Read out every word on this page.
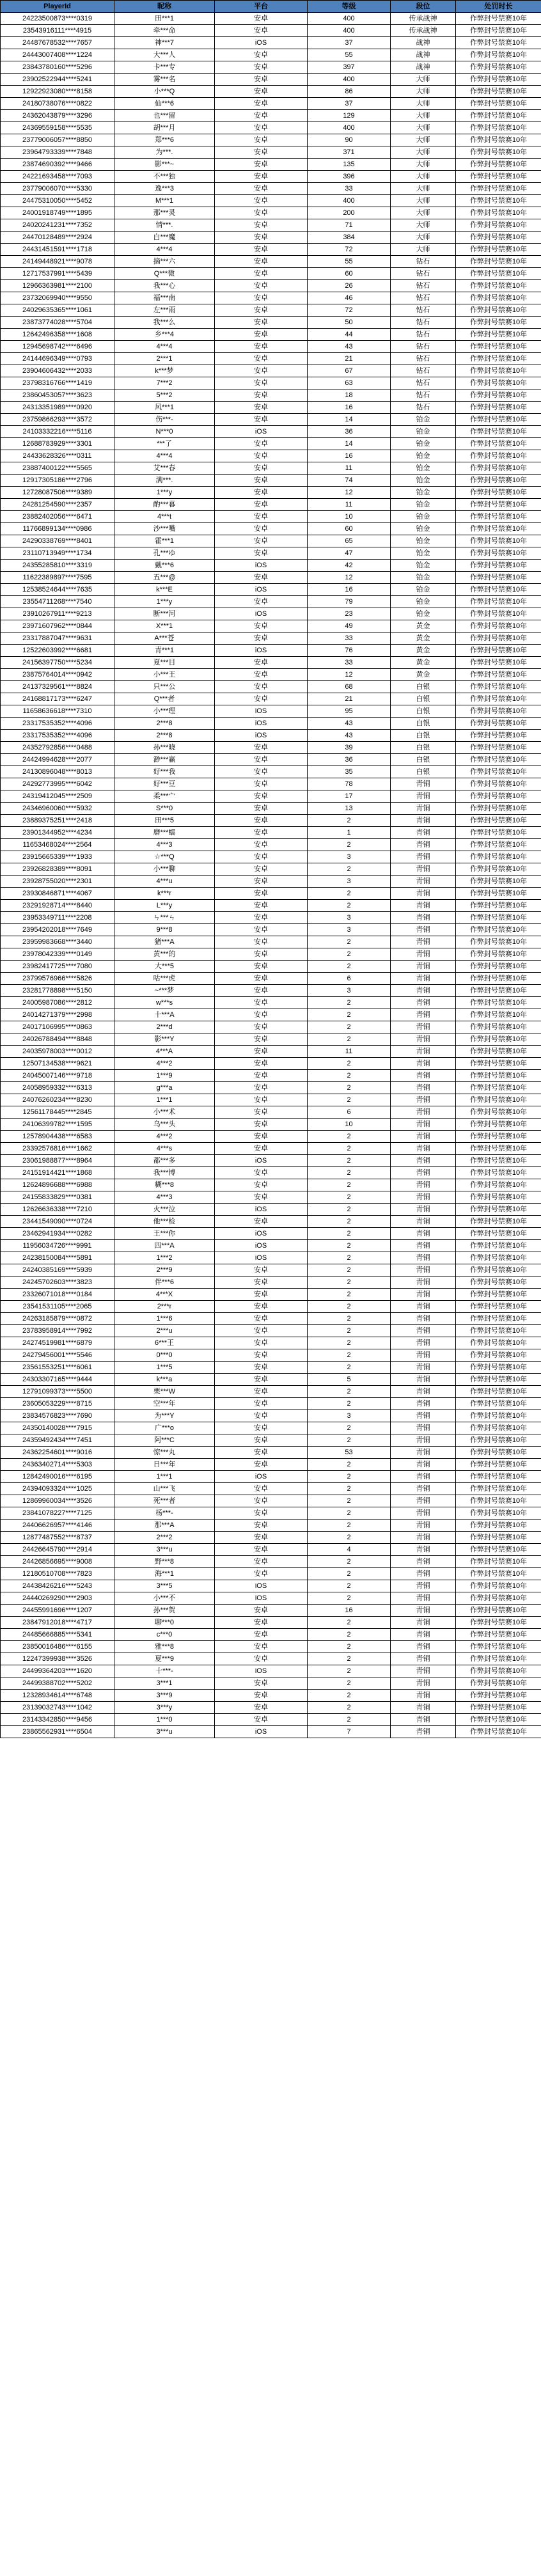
PlayerId	昵称	平台	等级	段位	处罚时长
24223500873****0319	田***1	安卓	400	传承战神	作弊封号禁赛10年
23543916111****4915	牵***命	安卓	400	传承战神	作弊封号禁赛10年
24487678532****7657	神***7	iOS	37	战神	作弊封号禁赛10年
24443007408****1224	大***人	安卓	55	战神	作弊封号禁赛10年
23843780160****5296	卡***专	安卓	397	战神	作弊封号禁赛10年
23902522944****5241	雾***名	安卓	400	大师	作弊封号禁赛10年
12922923080****8158	小***Q	安卓	86	大师	作弊封号禁赛10年
24180738076****0822	仙***6	安卓	37	大师	作弊封号禁赛10年
24362043879****3296	也***留	安卓	129	大师	作弊封号禁赛10年
24369559158****5535	胡***月	安卓	400	大师	作弊封号禁赛10年
23779006057****8850	郑***6	安卓	90	大师	作弊封号禁赛10年
23964793339****7848	为***.	安卓	371	大师	作弊封号禁赛10年
23874690392****9466	影***~	安卓	135	大师	作弊封号禁赛10年
24221693458****7093	不***独	安卓	396	大师	作弊封号禁赛10年
23779006070****5330	逸***3	安卓	33	大师	作弊封号禁赛10年
24475310050****5452	M***1	安卓	400	大师	作弊封号禁赛10年
24001918749****1895	那***灵	安卓	200	大师	作弊封号禁赛10年
24020241231****7352	情***.	安卓	71	大师	作弊封号禁赛10年
24470128489****2924	白***魔	安卓	384	大师	作弊封号禁赛10年
24431451591****1718	4***4	安卓	72	大师	作弊封号禁赛10年
24149448921****9078	摘***六	安卓	55	钻石	作弊封号禁赛10年
12717537991****5439	Q***微	安卓	60	钻石	作弊封号禁赛10年
12966363981****2100	我***心	安卓	26	钻石	作弊封号禁赛10年
23732069940****9550	福***南	安卓	46	钻石	作弊封号禁赛10年
24029635365****1061	左***雨	安卓	72	钻石	作弊封号禁赛10年
23873774028****5704	我***么	安卓	50	钻石	作弊封号禁赛10年
12642496358****1608	乡***4	安卓	44	钻石	作弊封号禁赛10年
12945698742****6496	4***4	安卓	43	钻石	作弊封号禁赛10年
24144696349****0793	2***1	安卓	21	钻石	作弊封号禁赛10年
23904606432****2033	k***梦	安卓	67	钻石	作弊封号禁赛10年
23798316766****1419	7***2	安卓	63	钻石	作弊封号禁赛10年
23860453057****3623	5***2	安卓	18	钻石	作弊封号禁赛10年
24313351989****0920	风***1	安卓	16	钻石	作弊封号禁赛10年
23759866293****3572	伤***-	安卓	14	铂金	作弊封号禁赛10年
24103332216****5116	N***0	iOS	36	铂金	作弊封号禁赛10年
12688783929****3301	***了	安卓	14	铂金	作弊封号禁赛10年
24433628326****0311	4***4	安卓	16	铂金	作弊封号禁赛10年
23887400122****5565	艾***春	安卓	11	铂金	作弊封号禁赛10年
12917305186****2796	满***.	安卓	74	铂金	作弊封号禁赛10年
12728087506****9389	1***y	安卓	12	铂金	作弊封号禁赛10年
24281254590****2357	酌***暮	安卓	11	铂金	作弊封号禁赛10年
23882402056****6471	4***t	安卓	10	铂金	作弊封号禁赛10年
11766899134****0986	沙***嘴	安卓	60	铂金	作弊封号禁赛10年
24290338769****8401	霍***1	安卓	65	铂金	作弊封号禁赛10年
23110713949****1734	孔***ゆ	安卓	47	铂金	作弊封号禁赛10年
24355285810****3319	戴***6	iOS	42	铂金	作弊封号禁赛10年
11622389897****7595	五***@	安卓	12	铂金	作弊封号禁赛10年
12538524644****7635	k***E	iOS	16	铂金	作弊封号禁赛10年
23554711268****7540	1***y	安卓	79	铂金	作弊封号禁赛10年
23910267911****9213	断***河	iOS	23	铂金	作弊封号禁赛10年
23971607962****0844	X***1	安卓	49	黄金	作弊封号禁赛10年
23317887047****9631	A***苍	安卓	33	黄金	作弊封号禁赛10年
12522603992****6681	青***1	iOS	76	黄金	作弊封号禁赛10年
24156397750****5234	夏***目	安卓	33	黄金	作弊封号禁赛10年
23875764014****0942	小***王	安卓	12	黄金	作弊封号禁赛10年
24137329561****8824	只***公	安卓	68	白银	作弊封号禁赛10年
24168817173****6247	Q***者	安卓	21	白银	作弊封号禁赛10年
11658636618****7310	小***理	iOS	95	白银	作弊封号禁赛10年
23317535352****4096	2***8	iOS	43	白银	作弊封号禁赛10年
23317535352****4096	2***8	iOS	43	白银	作弊封号禁赛10年
24352792856****0488	孙***晓	安卓	39	白银	作弊封号禁赛10年
24424994628****2077	渺***赢	安卓	36	白银	作弊封号禁赛10年
24130896048****8013	好***我	安卓	35	白银	作弊封号禁赛10年
24292773995****6042	好***豆	安卓	78	青铜	作弊封号禁赛10年
24319412045****2509	柔***宀	安卓	17	青铜	作弊封号禁赛10年
24346960060****5932	S***0	安卓	13	青铜	作弊封号禁赛10年
23889375251****2418	田***5	安卓	2	青铜	作弊封号禁赛10年
23901344952****4234	磨***蠕	安卓	1	青铜	作弊封号禁赛10年
11653468024****2564	4***3	安卓	2	青铜	作弊封号禁赛10年
23915665339****1933	☆***Q	安卓	3	青铜	作弊封号禁赛10年
23926828389****8091	小***聊	安卓	2	青铜	作弊封号禁赛10年
23928755020****2301	4***u	安卓	3	青铜	作弊封号禁赛10年
23930846871****4067	k***r	安卓	2	青铜	作弊封号禁赛10年
23291928714****8440	L***y	安卓	2	青铜	作弊封号禁赛10年
23953349711****2208	ㄣ***ㄣ	安卓	3	青铜	作弊封号禁赛10年
23954202018****7649	9***8	安卓	3	青铜	作弊封号禁赛10年
23959983668****3440	猪***A	安卓	2	青铜	作弊封号禁赛10年
23978042339****0149	黄***的	安卓	2	青铜	作弊封号禁赛10年
23982417725****7080	大***5	安卓	2	青铜	作弊封号禁赛10年
23799576966****5826	咕***虎	安卓	6	青铜	作弊封号禁赛10年
23281778898****5150	~***梦	安卓	3	青铜	作弊封号禁赛10年
24005987086****2812	w***s	安卓	2	青铜	作弊封号禁赛10年
24014271379****2998	十***A	安卓	2	青铜	作弊封号禁赛10年
24017106995****0863	2***d	安卓	2	青铜	作弊封号禁赛10年
24026788494****8848	影***Y	安卓	2	青铜	作弊封号禁赛10年
24035978003****0012	4***A	安卓	11	青铜	作弊封号禁赛10年
12507134538****9621	4***2	安卓	2	青铜	作弊封号禁赛10年
24045007146****9718	1***9	安卓	2	青铜	作弊封号禁赛10年
24058959332****6313	g***a	安卓	2	青铜	作弊封号禁赛10年
24076260234****8230	1***1	安卓	2	青铜	作弊封号禁赛10年
12561178445****2845	小***术	安卓	6	青铜	作弊封号禁赛10年
24106399782****1595	乌***头	安卓	10	青铜	作弊封号禁赛10年
12578904438****6583	4***2	安卓	2	青铜	作弊封号禁赛10年
23392576816****1662	4***s	安卓	2	青铜	作弊封号禁赛10年
23061988877****8964	都***多	iOS	2	青铜	作弊封号禁赛10年
24151914421****1868	我***博	安卓	2	青铜	作弊封号禁赛10年
12624896688****6988	糊***8	安卓	2	青铜	作弊封号禁赛10年
24155833829****0381	4***3	安卓	2	青铜	作弊封号禁赛10年
12626636338****7210	火***泣	iOS	2	青铜	作弊封号禁赛10年
23441549090****0724	他***检	安卓	2	青铜	作弊封号禁赛10年
23462941934****0282	王***你	iOS	2	青铜	作弊封号禁赛10年
11956034726****9991	四***A	iOS	2	青铜	作弊封号禁赛10年
24238150084****5891	1***2	iOS	2	青铜	作弊封号禁赛10年
24240385169****5939	2***9	安卓	2	青铜	作弊封号禁赛10年
24245702603****3823	伴***6	安卓	2	青铜	作弊封号禁赛10年
23326071018****0184	4***X	安卓	2	青铜	作弊封号禁赛10年
23541531105****2065	2***r	安卓	2	青铜	作弊封号禁赛10年
24263185879****0872	1***6	安卓	2	青铜	作弊封号禁赛10年
23783958914****7992	2***u	安卓	2	青铜	作弊封号禁赛10年
24274519981****6879	6***王	安卓	2	青铜	作弊封号禁赛10年
24279456001****5546	0***0	安卓	2	青铜	作弊封号禁赛10年
23561553251****6061	1***5	安卓	2	青铜	作弊封号禁赛10年
24303307165****9444	k***a	安卓	5	青铜	作弊封号禁赛10年
12791099373****5500	栗***W	安卓	2	青铜	作弊封号禁赛10年
23605053229****8715	空***年	安卓	2	青铜	作弊封号禁赛10年
23834576823****7690	为***Y	安卓	3	青铜	作弊封号禁赛10年
24350140028****7915	广***o	安卓	2	青铜	作弊封号禁赛10年
24359492434****7451	阿***C	安卓	2	青铜	作弊封号禁赛10年
24362254601****9016	惊***丸	安卓	53	青铜	作弊封号禁赛10年
24363402714****5303	日***年	安卓	2	青铜	作弊封号禁赛10年
12842490016****6195	1***1	iOS	2	青铜	作弊封号禁赛10年
24394093324****1025	山***飞	安卓	2	青铜	作弊封号禁赛10年
12869960034****3526	死***者	安卓	2	青铜	作弊封号禁赛10年
23841078227****7125	杨***-	安卓	2	青铜	作弊封号禁赛10年
24406626957****4146	那***A	安卓	2	青铜	作弊封号禁赛10年
12877487552****8737	2***2	安卓	2	青铜	作弊封号禁赛10年
24426645790****2914	3***u	安卓	4	青铜	作弊封号禁赛10年
24426856695****9008	野***8	安卓	2	青铜	作弊封号禁赛10年
12180510708****7823	海***1	安卓	2	青铜	作弊封号禁赛10年
24438426216****5243	3***5	iOS	2	青铜	作弊封号禁赛10年
24440269290****2903	小***不	iOS	2	青铜	作弊封号禁赛10年
24455991696****1207	孙***贺	安卓	16	青铜	作弊封号禁赛10年
23847912018****4717	聊***0	安卓	2	青铜	作弊封号禁赛10年
24485666885****5341	c***0	安卓	2	青铜	作弊封号禁赛10年
23850016486****6155	雅***8	安卓	2	青铜	作弊封号禁赛10年
12247399938****3526	夏***9	安卓	2	青铜	作弊封号禁赛10年
24499364203****1620	十***-	iOS	2	青铜	作弊封号禁赛10年
24499388702****5202	3***1	安卓	2	青铜	作弊封号禁赛10年
12328934614****6748	3***9	安卓	2	青铜	作弊封号禁赛10年
23139032743****1042	3***y	安卓	2	青铜	作弊封号禁赛10年
23143342850****9456	1***0	安卓	2	青铜	作弊封号禁赛10年
23865562931****6504	3***u	iOS	7	青铜	作弊封号禁赛10年
